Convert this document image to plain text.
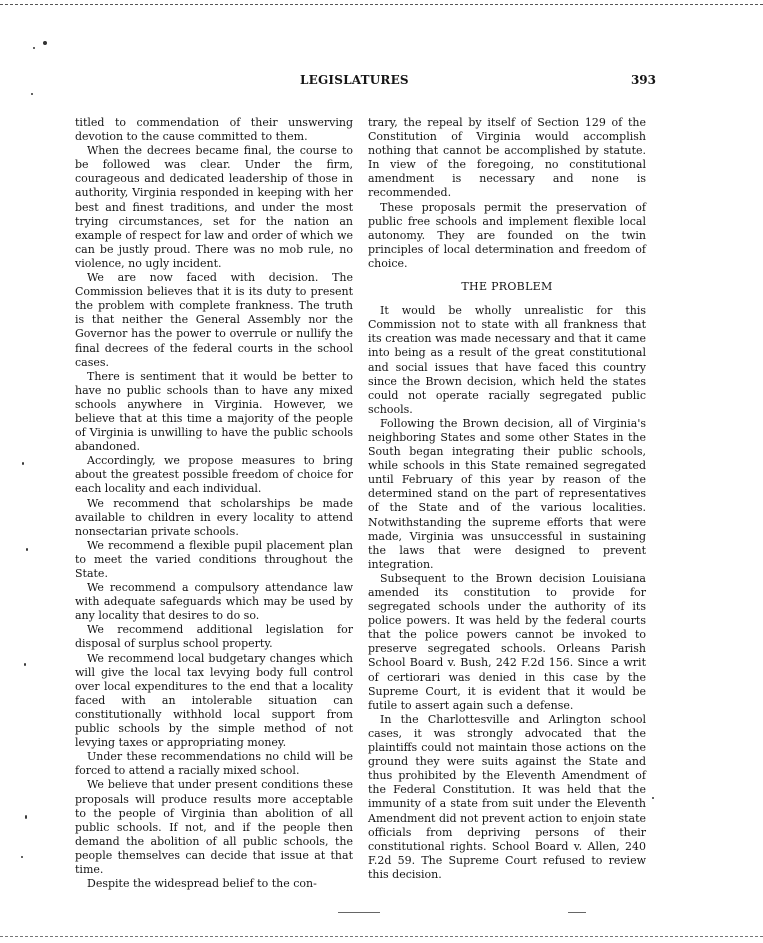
LEGISLATURES	393

titled to commendation of their unswerving devotion to the cause committed to them.

When the decrees became final, the course to be followed was clear. Under the firm, courageous and dedicated leadership of those in authority, Virginia responded in keeping with her best and finest traditions, and under the most trying circumstances, set for the nation an example of respect for law and order of which we can be justly proud. There was no mob rule, no violence, no ugly incident.

We are now faced with decision. The Commission believes that it is its duty to present the problem with complete frankness. The truth is that neither the General Assembly nor the Governor has the power to overrule or nullify the final decrees of the federal courts in the school cases.

There is sentiment that it would be better to have no public schools than to have any mixed schools anywhere in Virginia. However, we believe that at this time a majority of the people of Virginia is unwilling to have the public schools abandoned.

Accordingly, we propose measures to bring about the greatest possible freedom of choice for each locality and each individual.

We recommend that scholarships be made available to children in every locality to attend nonsectarian private schools.

We recommend a flexible pupil placement plan to meet the varied conditions throughout the State.

We recommend a compulsory attendance law with adequate safeguards which may be used by any locality that desires to do so.

We recommend additional legislation for disposal of surplus school property.

We recommend local budgetary changes which will give the local tax levying body full control over local expenditures to the end that a locality faced with an intolerable situation can constitutionally withhold local support from public schools by the simple method of not levying taxes or appropriating money.

Under these recommendations no child will be forced to attend a racially mixed school.

We believe that under present conditions these proposals will produce results more acceptable to the people of Virginia than abolition of all public schools. If not, and if the people then demand the abolition of all public schools, the people themselves can decide that issue at that time.

Despite the widespread belief to the con-

trary, the repeal by itself of Section 129 of the Constitution of Virginia would accomplish nothing that cannot be accomplished by statute. In view of the foregoing, no constitutional amendment is necessary and none is recommended.

These proposals permit the preservation of public free schools and implement flexible local autonomy. They are founded on the twin principles of local determination and freedom of choice.

THE PROBLEM

It would be wholly unrealistic for this Commission not to state with all frankness that its creation was made necessary and that it came into being as a result of the great constitutional and social issues that have faced this country since the Brown decision, which held the states could not operate racially segregated public schools.

Following the Brown decision, all of Virginia's neighboring States and some other States in the South began integrating their public schools, while schools in this State remained segregated until February of this year by reason of the determined stand on the part of representatives of the State and of the various localities. Notwithstanding the supreme efforts that were made, Virginia was unsuccessful in sustaining the laws that were designed to prevent integration.

Subsequent to the Brown decision Louisiana amended its constitution to provide for segregated schools under the authority of its police powers. It was held by the federal courts that the police powers cannot be invoked to preserve segregated schools. Orleans Parish School Board v. Bush, 242 F.2d 156. Since a writ of certiorari was denied in this case by the Supreme Court, it is evident that it would be futile to assert again such a defense.

In the Charlottesville and Arlington school cases, it was strongly advocated that the plaintiffs could not maintain those actions on the ground they were suits against the State and thus prohibited by the Eleventh Amendment of the Federal Constitution. It was held that the immunity of a state from suit under the Eleventh Amendment did not prevent action to enjoin state officials from depriving persons of their constitutional rights. School Board v. Allen, 240 F.2d 59. The Supreme Court refused to review this decision.
